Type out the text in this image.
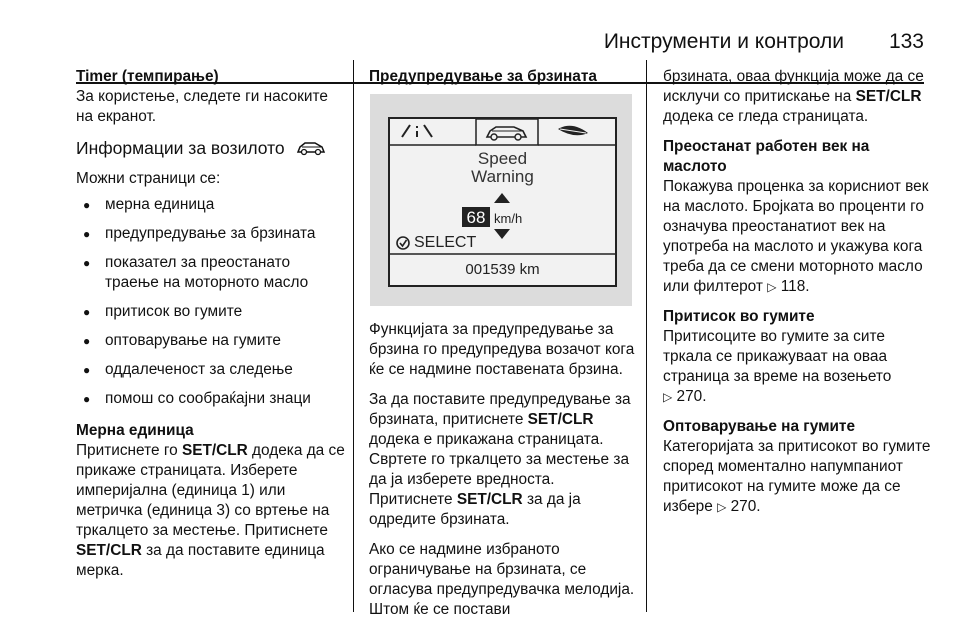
Инструменти и контроли 133

Timer (темпирање)
За користење, следете ги насоките на екранот.

Информации за возилото

Можни страници се:

● мерна единица
● предупредување за брзината
● показател за преостанато траење на моторното масло
● притисок во гумите
● оптоварување на гумите
● оддалеченост за следење
● помош со сообраќајни знаци

Мерна единица
Притиснете го SET/CLR додека да се прикаже страницата. Изберете империјална (единица 1) или метричка (единица 3) со вртење на тркалцето за местење. Притиснете SET/CLR за да поставите единица мерка.

Предупредување за брзината

Speed
Warning
68 km/h
SELECT
001539 km

Функцијата за предупредување за брзина го предупредува возачот кога ќе се надмине поставената брзина.

За да поставите предупредување за брзината, притиснете SET/CLR додека е прикажана страницата. Свртете го тркалцето за местење за да ја изберете вредноста. Притиснете SET/CLR за да ја одредите брзината.

Ако се надмине избраното ограничување на брзината, се огласува предупредувачка мелодија. Штом ќе се постави

брзината, оваа функција може да се исклучи со притискање на SET/CLR додека се гледа страницата.

Преостанат работен век на маслото
Покажува проценка за корисниот век на маслото. Бројката во проценти го означува преостанатиот век на употреба на маслото и укажува кога треба да се смени моторното масло или филтерот ▷ 118.

Притисок во гумите
Притисоците во гумите за сите тркала се прикажуваат на оваа страница за време на возењето
▷ 270.

Оптоварување на гумите
Категоријата за притисокот во гумите според моментално напумпаниот притисокот на гумите може да се избере ▷ 270.
